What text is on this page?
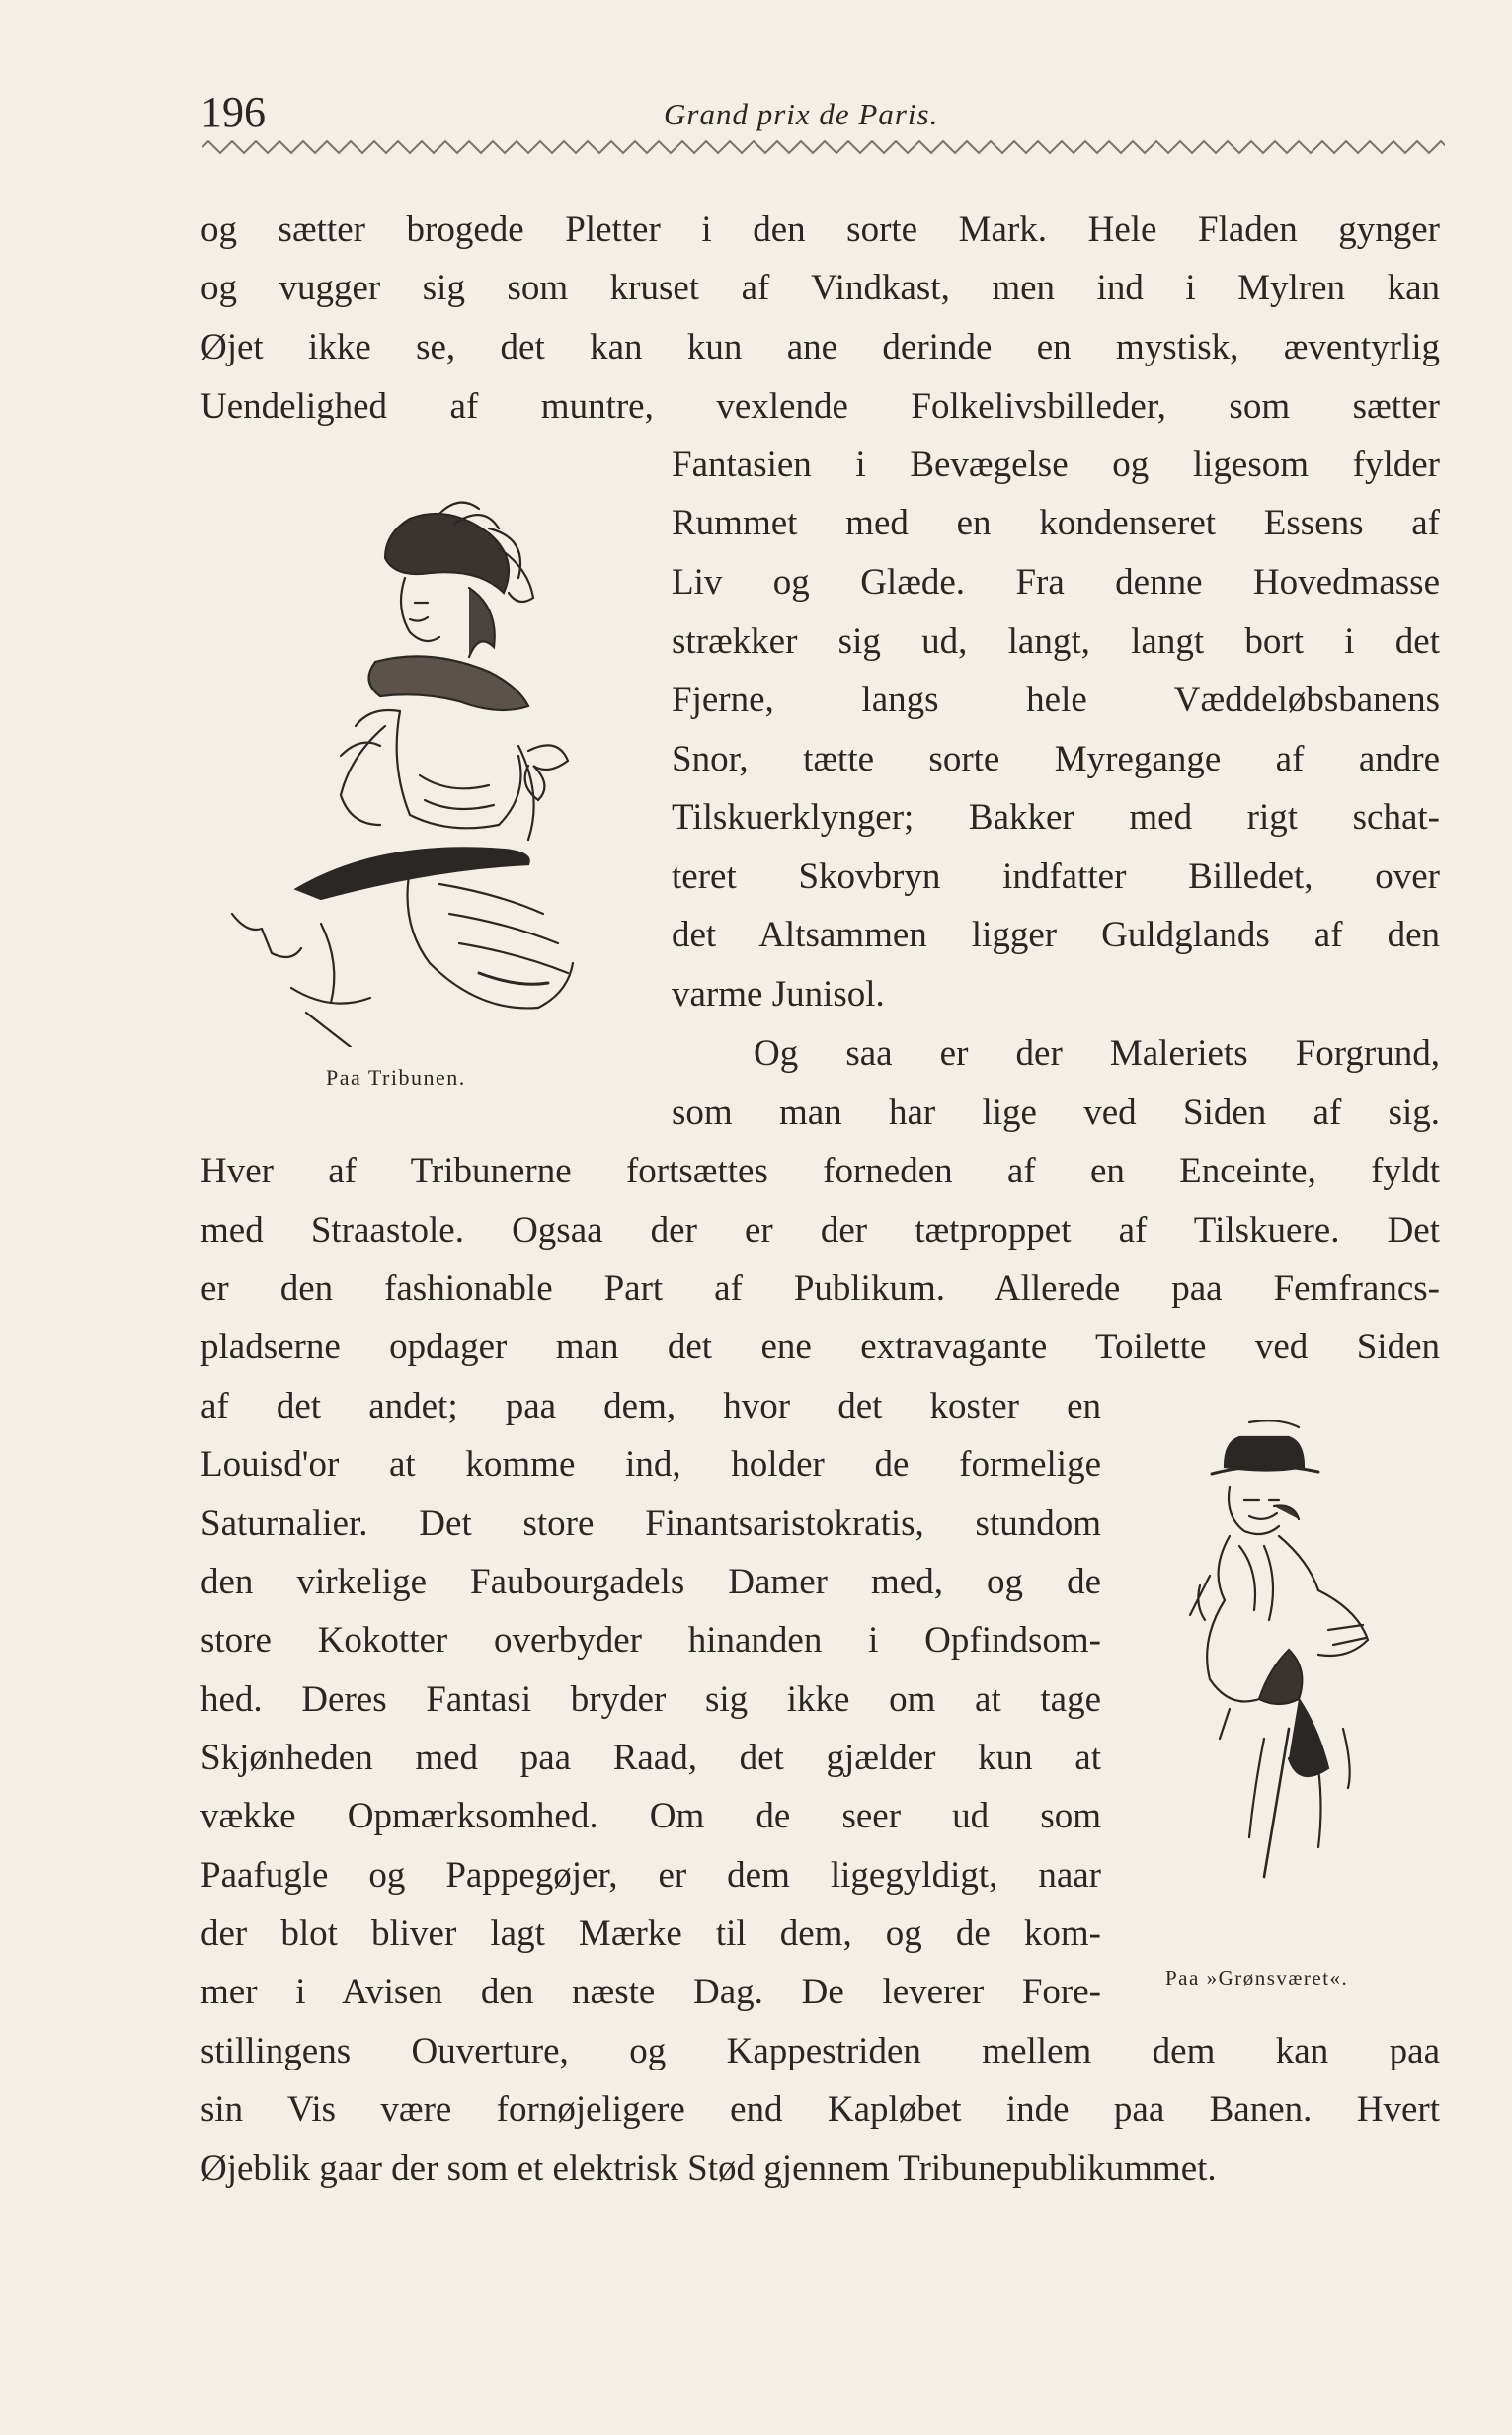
196	Grand prix de Paris.
og sætter brogede Pletter i den sorte Mark. Hele Fladen gynger
og vugger sig som kruset af Vindkast, men ind i Mylren kan
Øjet ikke se, det kan kun ane derinde en mystisk, æventyrlig
Uendelighed af muntre, vexlende Folkelivsbilleder, som sætter
Fantasien i Bevægelse og ligesom fylder
Rummet med en kondenseret Essens af
Liv og Glæde. Fra denne Hovedmasse
strækker sig ud, langt, langt bort i det
Fjerne, langs hele Væddeløbsbanens
Snor, tætte sorte Myregange af andre
Tilskuerklynger; Bakker med rigt schat-
teret Skovbryn indfatter Billedet, over
det Altsammen ligger Guldglands af den
varme Junisol.
Og saa er der Maleriets Forgrund,
som man har lige ved Siden af sig.
Hver af Tribunerne fortsættes forneden af en Enceinte, fyldt
med Straastole. Ogsaa der er der tætproppet af Tilskuere. Det
er den fashionable Part af Publikum. Allerede paa Femfrancs-
pladserne opdager man det ene extravagante Toilette ved Siden
af det andet; paa dem, hvor det koster en
Louisd'or at komme ind, holder de formelige
Saturnalier. Det store Finantsaristokratis, stundom
den virkelige Faubourgadels Damer med, og de
store Kokotter overbyder hinanden i Opfindsom-
hed. Deres Fantasi bryder sig ikke om at tage
Skjønheden med paa Raad, det gjælder kun at
vække Opmærksomhed. Om de seer ud som
Paafugle og Pappegøjer, er dem ligegyldigt, naar
der blot bliver lagt Mærke til dem, og de kom-
mer i Avisen den næste Dag. De leverer Fore-
stillingens Ouverture, og Kappestriden mellem dem kan paa
sin Vis være fornøjeligere end Kapløbet inde paa Banen. Hvert
Øjeblik gaar der som et elektrisk Stød gjennem Tribunepublikummet.
Paa Tribunen.
Paa »Grønsværet«.
